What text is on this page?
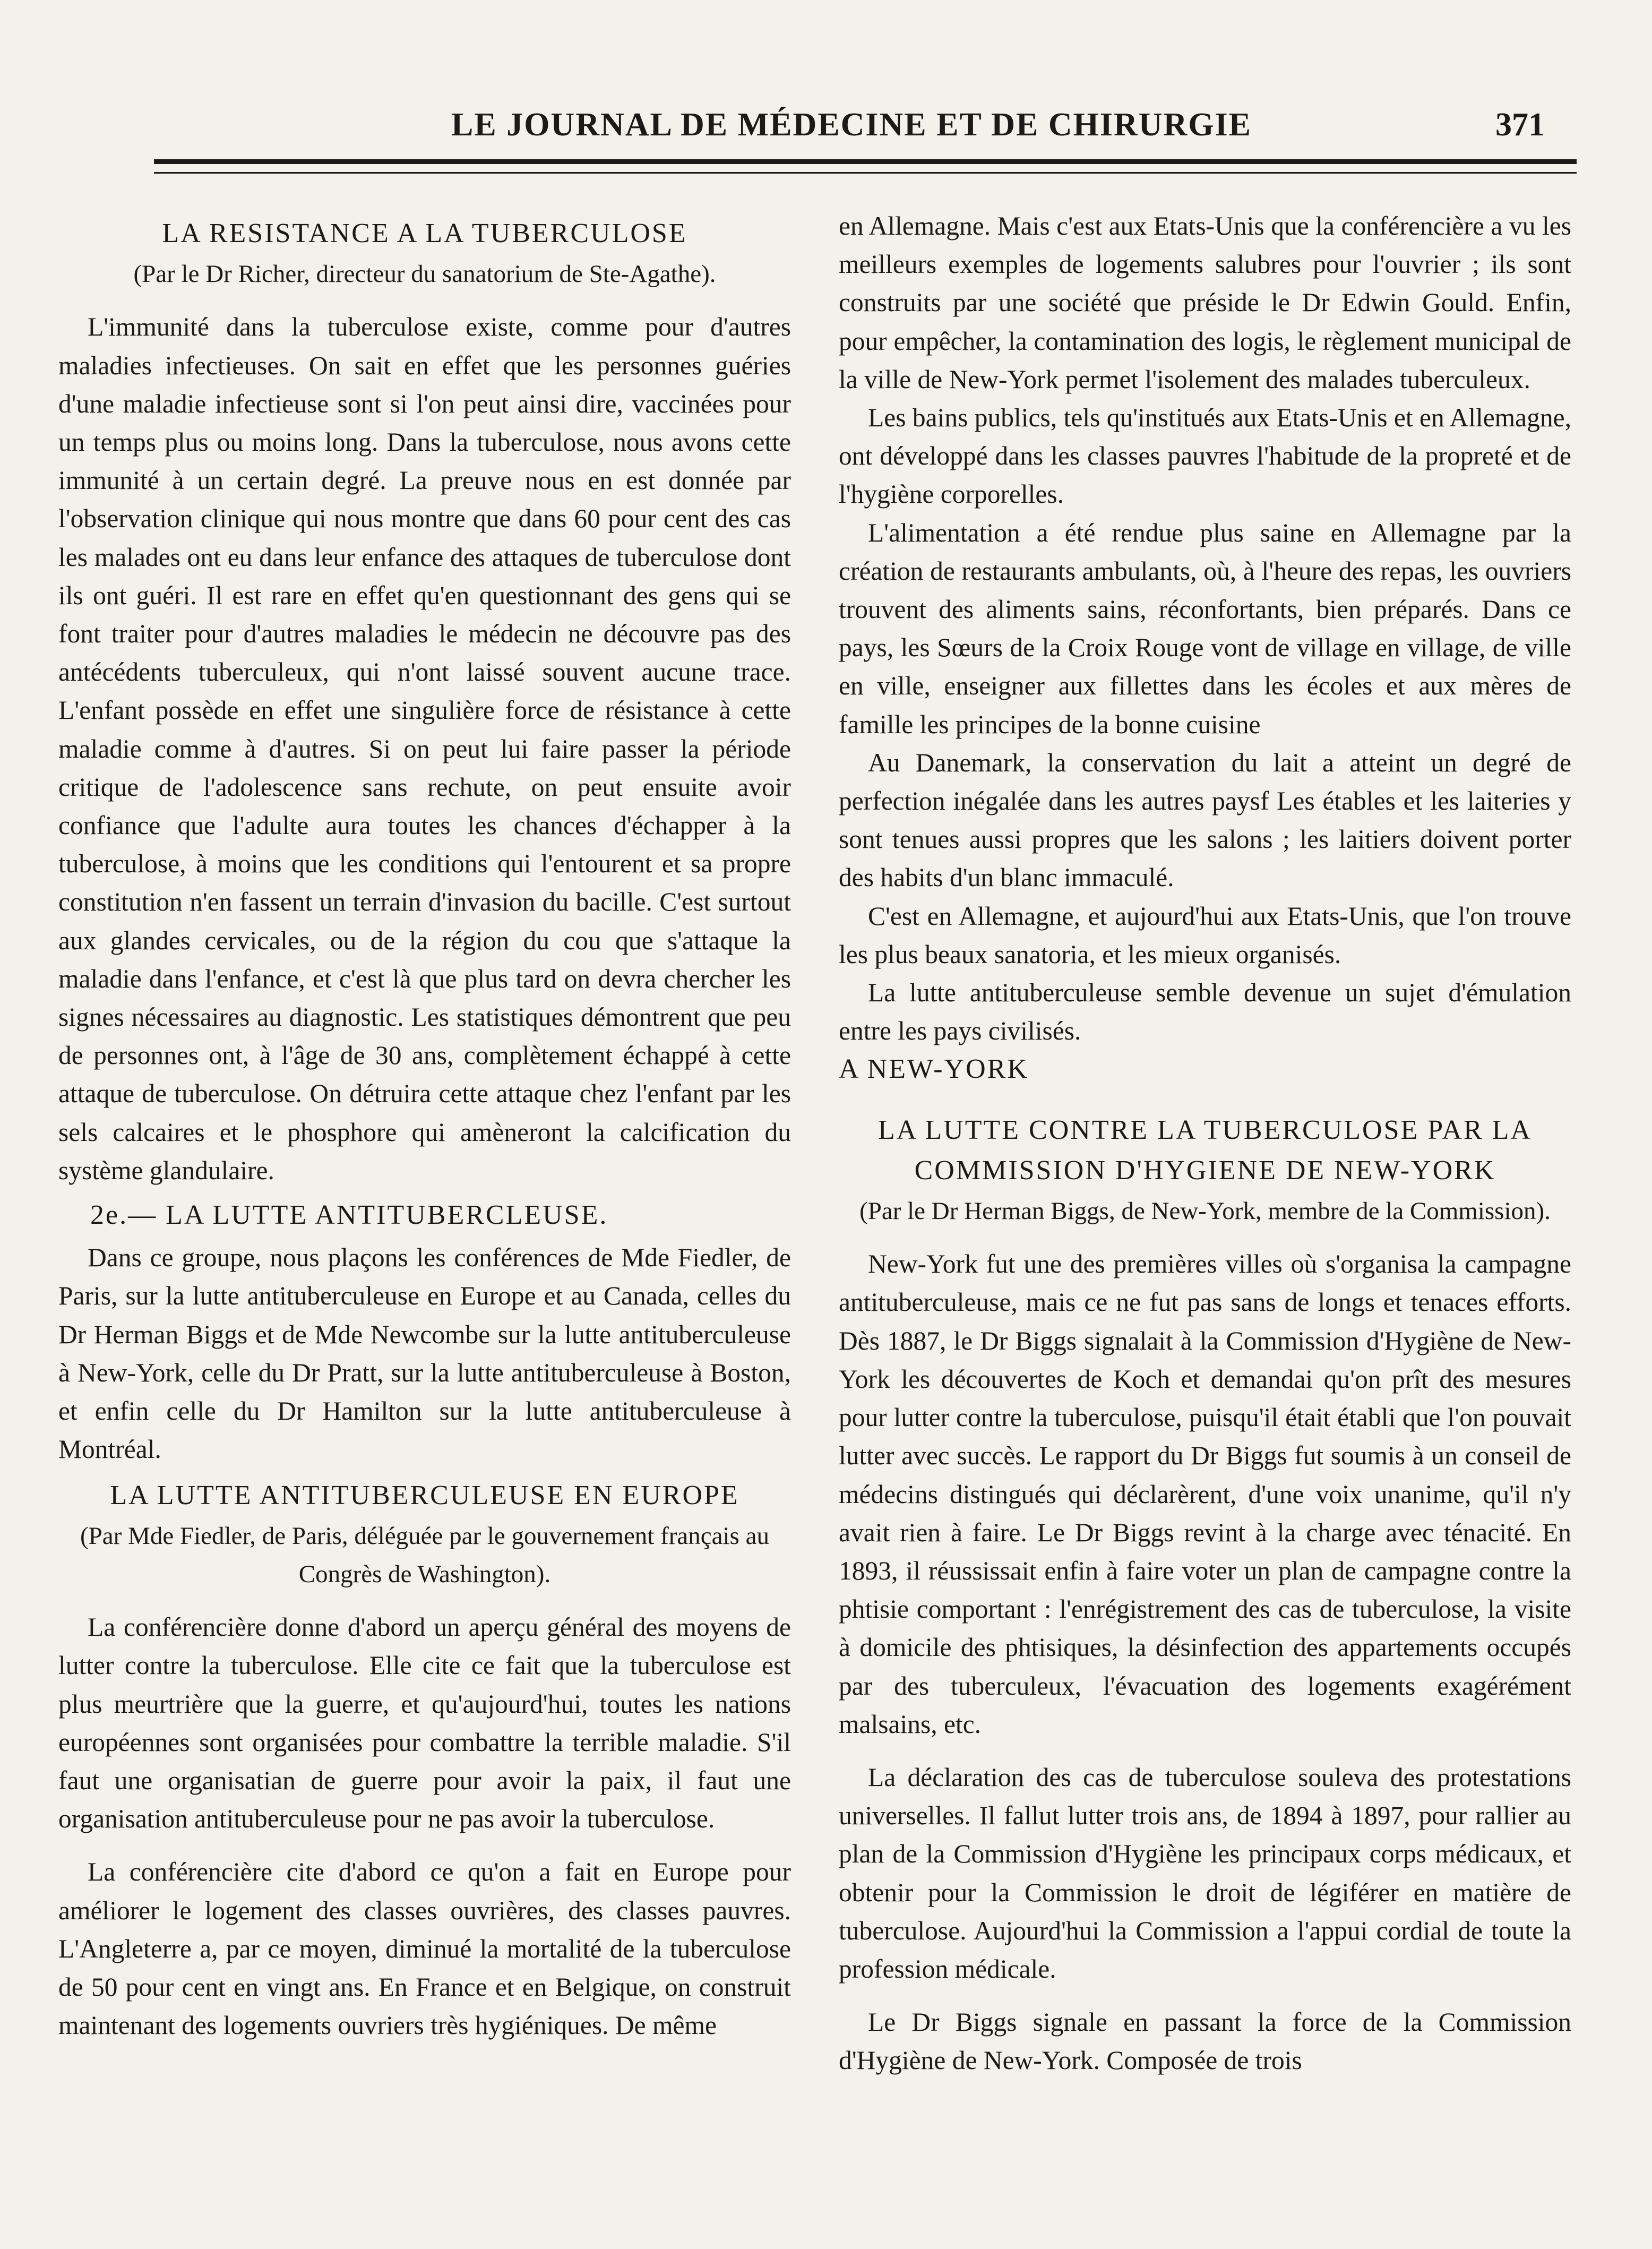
LE JOURNAL DE MÉDECINE ET DE CHIRURGIE	371
LA RESISTANCE A LA TUBERCULOSE
(Par le Dr Richer, directeur du sanatorium de Ste-Agathe).

L'immunité dans la tuberculose existe, comme pour d'autres maladies infectieuses. On sait en effet que les personnes guéries d'une maladie infectieuse sont si l'on peut ainsi dire, vaccinées pour un temps plus ou moins long. Dans la tuberculose, nous avons cette immunité à un certain degré. La preuve nous en est donnée par l'observation clinique qui nous montre que dans 60 pour cent des cas les malades ont eu dans leur enfance des attaques de tuberculose dont ils ont guéri. Il est rare en effet qu'en questionnant des gens qui se font traiter pour d'autres maladies le médecin ne découvre pas des antécédents tuberculeux, qui n'ont laissé souvent aucune trace. L'enfant possède en effet une singulière force de résistance à cette maladie comme à d'autres. Si on peut lui faire passer la période critique de l'adolescence sans rechute, on peut ensuite avoir confiance que l'adulte aura toutes les chances d'échapper à la tuberculose, à moins que les conditions qui l'entourent et sa propre constitution n'en fassent un terrain d'invasion du bacille. C'est surtout aux glandes cervicales, ou de la région du cou que s'attaque la maladie dans l'enfance, et c'est là que plus tard on devra chercher les signes nécessaires au diagnostic. Les statistiques démontrent que peu de personnes ont, à l'âge de 30 ans, complètement échappé à cette attaque de tuberculose. On détruira cette attaque chez l'enfant par les sels calcaires et le phosphore qui amèneront la calcification du système glandulaire.

2e.— LA LUTTE ANTITUBERCLEUSE.

Dans ce groupe, nous plaçons les conférences de Mde Fiedler, de Paris, sur la lutte antituberculeuse en Europe et au Canada, celles du Dr Herman Biggs et de Mde Newcombe sur la lutte antituberculeuse à New-York, celle du Dr Pratt, sur la lutte antituberculeuse à Boston, et enfin celle du Dr Hamilton sur la lutte antituberculeuse à Montréal.

LA LUTTE ANTITUBERCULEUSE EN EUROPE
(Par Mde Fiedler, de Paris, déléguée par le gouvernement français au Congrès de Washington).

La conférencière donne d'abord un aperçu général des moyens de lutter contre la tuberculose. Elle cite ce fait que la tuberculose est plus meurtrière que la guerre, et qu'aujourd'hui, toutes les nations européennes sont organisées pour combattre la terrible maladie. S'il faut une organisatian de guerre pour avoir la paix, il faut une organisation antituberculeuse pour ne pas avoir la tuberculose.

La conférencière cite d'abord ce qu'on a fait en Europe pour améliorer le logement des classes ouvrières, des classes pauvres. L'Angleterre a, par ce moyen, diminué la mortalité de la tuberculose de 50 pour cent en vingt ans. En France et en Belgique, on construit maintenant des logements ouvriers très hygiéniques. De même

en Allemagne. Mais c'est aux Etats-Unis que la conférencière a vu les meilleurs exemples de logements salubres pour l'ouvrier ; ils sont construits par une société que préside le Dr Edwin Gould. Enfin, pour empêcher, la contamination des logis, le règlement municipal de la ville de New-York permet l'isolement des malades tuberculeux.

Les bains publics, tels qu'institués aux Etats-Unis et en Allemagne, ont développé dans les classes pauvres l'habitude de la propreté et de l'hygiène corporelles.

L'alimentation a été rendue plus saine en Allemagne par la création de restaurants ambulants, où, à l'heure des repas, les ouvriers trouvent des aliments sains, réconfortants, bien préparés. Dans ce pays, les Sœurs de la Croix Rouge vont de village en village, de ville en ville, enseigner aux fillettes dans les écoles et aux mères de famille les principes de la bonne cuisine

Au Danemark, la conservation du lait a atteint un degré de perfection inégalée dans les autres paysf Les étables et les laiteries y sont tenues aussi propres que les salons ; les laitiers doivent porter des habits d'un blanc immaculé.

C'est en Allemagne, et aujourd'hui aux Etats-Unis, que l'on trouve les plus beaux sanatoria, et les mieux organisés.

La lutte antituberculeuse semble devenue un sujet d'émulation entre les pays civilisés.

A NEW-YORK
LA LUTTE CONTRE LA TUBERCULOSE PAR LA
COMMISSION D'HYGIENE DE NEW-YORK
(Par le Dr Herman Biggs, de New-York, membre de la Commission).

New-York fut une des premières villes où s'organisa la campagne antituberculeuse, mais ce ne fut pas sans de longs et tenaces efforts. Dès 1887, le Dr Biggs signalait à la Commission d'Hygiène de New-York les découvertes de Koch et demandai qu'on prît des mesures pour lutter contre la tuberculose, puisqu'il était établi que l'on pouvait lutter avec succès. Le rapport du Dr Biggs fut soumis à un conseil de médecins distingués qui déclarèrent, d'une voix unanime, qu'il n'y avait rien à faire. Le Dr Biggs revint à la charge avec ténacité. En 1893, il réussissait enfin à faire voter un plan de campagne contre la phtisie comportant : l'enrégistrement des cas de tuberculose, la visite à domicile des phtisiques, la désinfection des appartements occupés par des tuberculeux, l'évacuation des logements exagérément malsains, etc.

La déclaration des cas de tuberculose souleva des protestations universelles. Il fallut lutter trois ans, de 1894 à 1897, pour rallier au plan de la Commission d'Hygiène les principaux corps médicaux, et obtenir pour la Commission le droit de légiférer en matière de tuberculose. Aujourd'hui la Commission a l'appui cordial de toute la profession médicale.

Le Dr Biggs signale en passant la force de la Commission d'Hygiène de New-York. Composée de trois
